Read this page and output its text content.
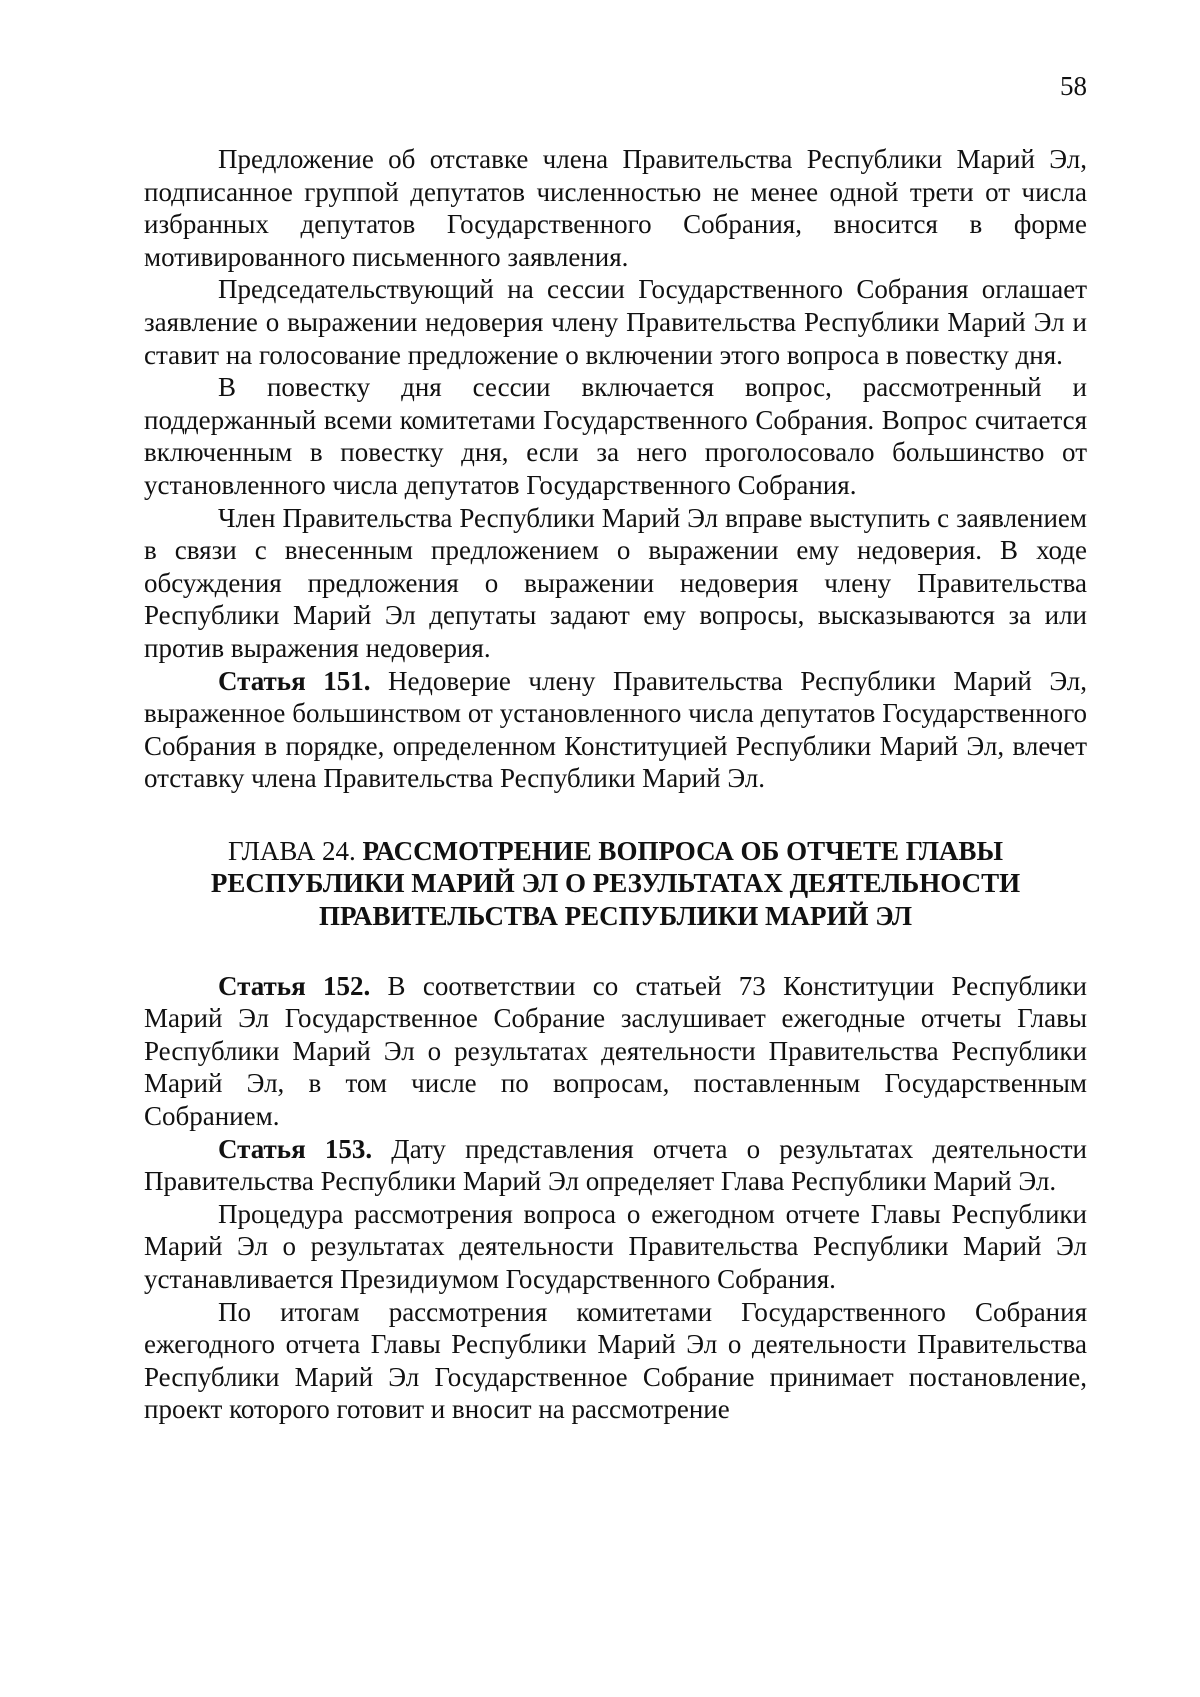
58

Предложение об отставке члена Правительства Республики Марий Эл, подписанное группой депутатов численностью не менее одной трети от числа избранных депутатов Государственного Собрания, вносится в форме мотивированного письменного заявления.

Председательствующий на сессии Государственного Собрания оглашает заявление о выражении недоверия члену Правительства Республики Марий Эл и ставит на голосование предложение о включении этого вопроса в повестку дня.

В повестку дня сессии включается вопрос, рассмотренный и поддержанный всеми комитетами Государственного Собрания. Вопрос считается включенным в повестку дня, если за него проголосовало большинство от установленного числа депутатов Государственного Собрания.

Член Правительства Республики Марий Эл вправе выступить с заявлением в связи с внесенным предложением о выражении ему недоверия. В ходе обсуждения предложения о выражении недоверия члену Правительства Республики Марий Эл депутаты задают ему вопросы, высказываются за или против выражения недоверия.

Статья 151. Недоверие члену Правительства Республики Марий Эл, выраженное большинством от установленного числа депутатов Государственного Собрания в порядке, определенном Конституцией Республики Марий Эл, влечет отставку члена Правительства Республики Марий Эл.

ГЛАВА 24. РАССМОТРЕНИЕ ВОПРОСА ОБ ОТЧЕТЕ ГЛАВЫ РЕСПУБЛИКИ МАРИЙ ЭЛ О РЕЗУЛЬТАТАХ ДЕЯТЕЛЬНОСТИ ПРАВИТЕЛЬСТВА РЕСПУБЛИКИ МАРИЙ ЭЛ

Статья 152. В соответствии со статьей 73 Конституции Республики Марий Эл Государственное Собрание заслушивает ежегодные отчеты Главы Республики Марий Эл о результатах деятельности Правительства Республики Марий Эл, в том числе по вопросам, поставленным Государственным Собранием.

Статья 153. Дату представления отчета о результатах деятельности Правительства Республики Марий Эл определяет Глава Республики Марий Эл.

Процедура рассмотрения вопроса о ежегодном отчете Главы Республики Марий Эл о результатах деятельности Правительства Республики Марий Эл устанавливается Президиумом Государственного Собрания.

По итогам рассмотрения комитетами Государственного Собрания ежегодного отчета Главы Республики Марий Эл о деятельности Правительства Республики Марий Эл Государственное Собрание принимает постановление, проект которого готовит и вносит на рассмотрение
